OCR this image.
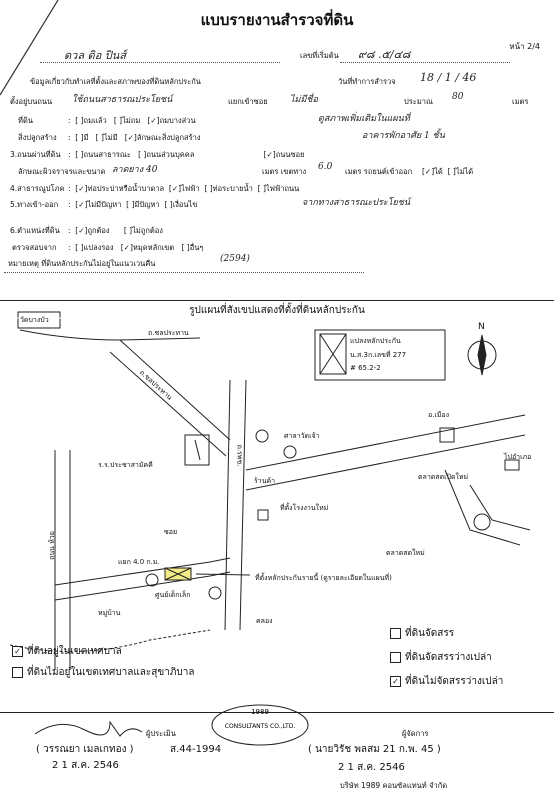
แบบรายงานสำรวจที่ดิน
หน้า 2/4
ดวล ดิอ ปินส์	เลขที่เริ่มต้น ๙๘ .๕/๔๘
ข้อมูลเกี่ยวกับทำเลที่ตั้งและสภาพของที่ดินหลักประกัน	วันที่ทำการสำรวจ 18 / 1 / 46
ตั้งอยู่บนถนน ใช้ถนนสาธารณประโยชน์	แยกเข้าซอย ไม่มีชื่อ	ประมาณ 80	เมตร
ที่ดิน	:  [ ]ถมแล้ว   [ ]ไม่ถม   [✓]ถมบางส่วน	ดูสภาพเพิ่มเติมในแผนที่
สิ่งปลูกสร้าง :  [ ]มี   [ ]ไม่มี   [✓]ลักษณะสิ่งปลูกสร้าง	อาคารพักอาศัย 1 ชั้น
3.ถนนผ่านที่ดิน :  [ ]ถนนสาธารณะ   [ ]ถนนส่วนบุคคล                             [✓]ถนนซอย
ลักษณะผิวจราจรและขนาด ลาดยาง 40	เมตร เขตทาง 6.0 เมตร รถยนต์เข้าออก [✓]ได้  [ ]ไม่ได้
4.สาธารณูปโภค :  [✓]ท่อประปาหรือน้ำบาดาล  [✓]ไฟฟ้า  [ ]ท่อระบายน้ำ  [ ]ไฟฟ้าถนน
5.ทางเข้า-ออก :  [✓]ไม่มีปัญหา  [ ]มีปัญหา  [ ]เงื่อนไข	จากทางสาธารณะประโยชน์
6.ตำแหน่งที่ดิน :  [✓]ถูกต้อง      [ ]ไม่ถูกต้อง
ตรวจสอบจาก :  [ ]แปลงรอง   [✓]หมุดหลักเขต   [ ]อื่นๆ
หมายเหตุ ที่ดินหลักประกันไม่อยู่ในแนวเวนคืน	(2594)
รูปแผนที่สังเขปแสดงที่ตั้งที่ดินหลักประกัน
วัดบางบัว
ถ.ชลประทาน
ถ.ชลประทาน
ร.ร.ประชาสามัคคี
ร้านค้า
ที่ตั้งโรงงานใหม่
ศาลาวัดเจ้า
ตลาดสดใหม่
แยก 4.0 ก.ม.
ซอย
ศูนย์เด็กเล็ก
หมู่บ้าน
ที่ตั้งหลักประกันรายนี้ (ดูรายละเอียดในแผนที่)
คลอง
อ.เมือง
ไปอำเภอ
ตลาดสดเปิดใหม่
ถ.รพช.
ถนน ห้วย
แปลงหลักประกัน
น.ส.3ก.เลขที่ 277
# 65.2-2
N
✓ ที่ดินอยู่ในเขตเทศบาล
ที่ดินไม่อยู่ในเขตเทศบาลและสุขาภิบาล
ที่ดินจัดสรร
ที่ดินจัดสรรว่างเปล่า
✓ ที่ดินไม่จัดสรรว่างเปล่า
ผู้ประเมิน
( วรรณยา เมลเกทอง )	ส.44-1994
2 1 ส.ค. 2546
1989
CONSULTANTS CO.,LTD.
ผู้จัดการ
( นายวิรัช พลสม 21 ก.พ. 45 )
2 1 ส.ค. 2546
บริษัท 1989 คอนซัลแทนท์ จำกัด
